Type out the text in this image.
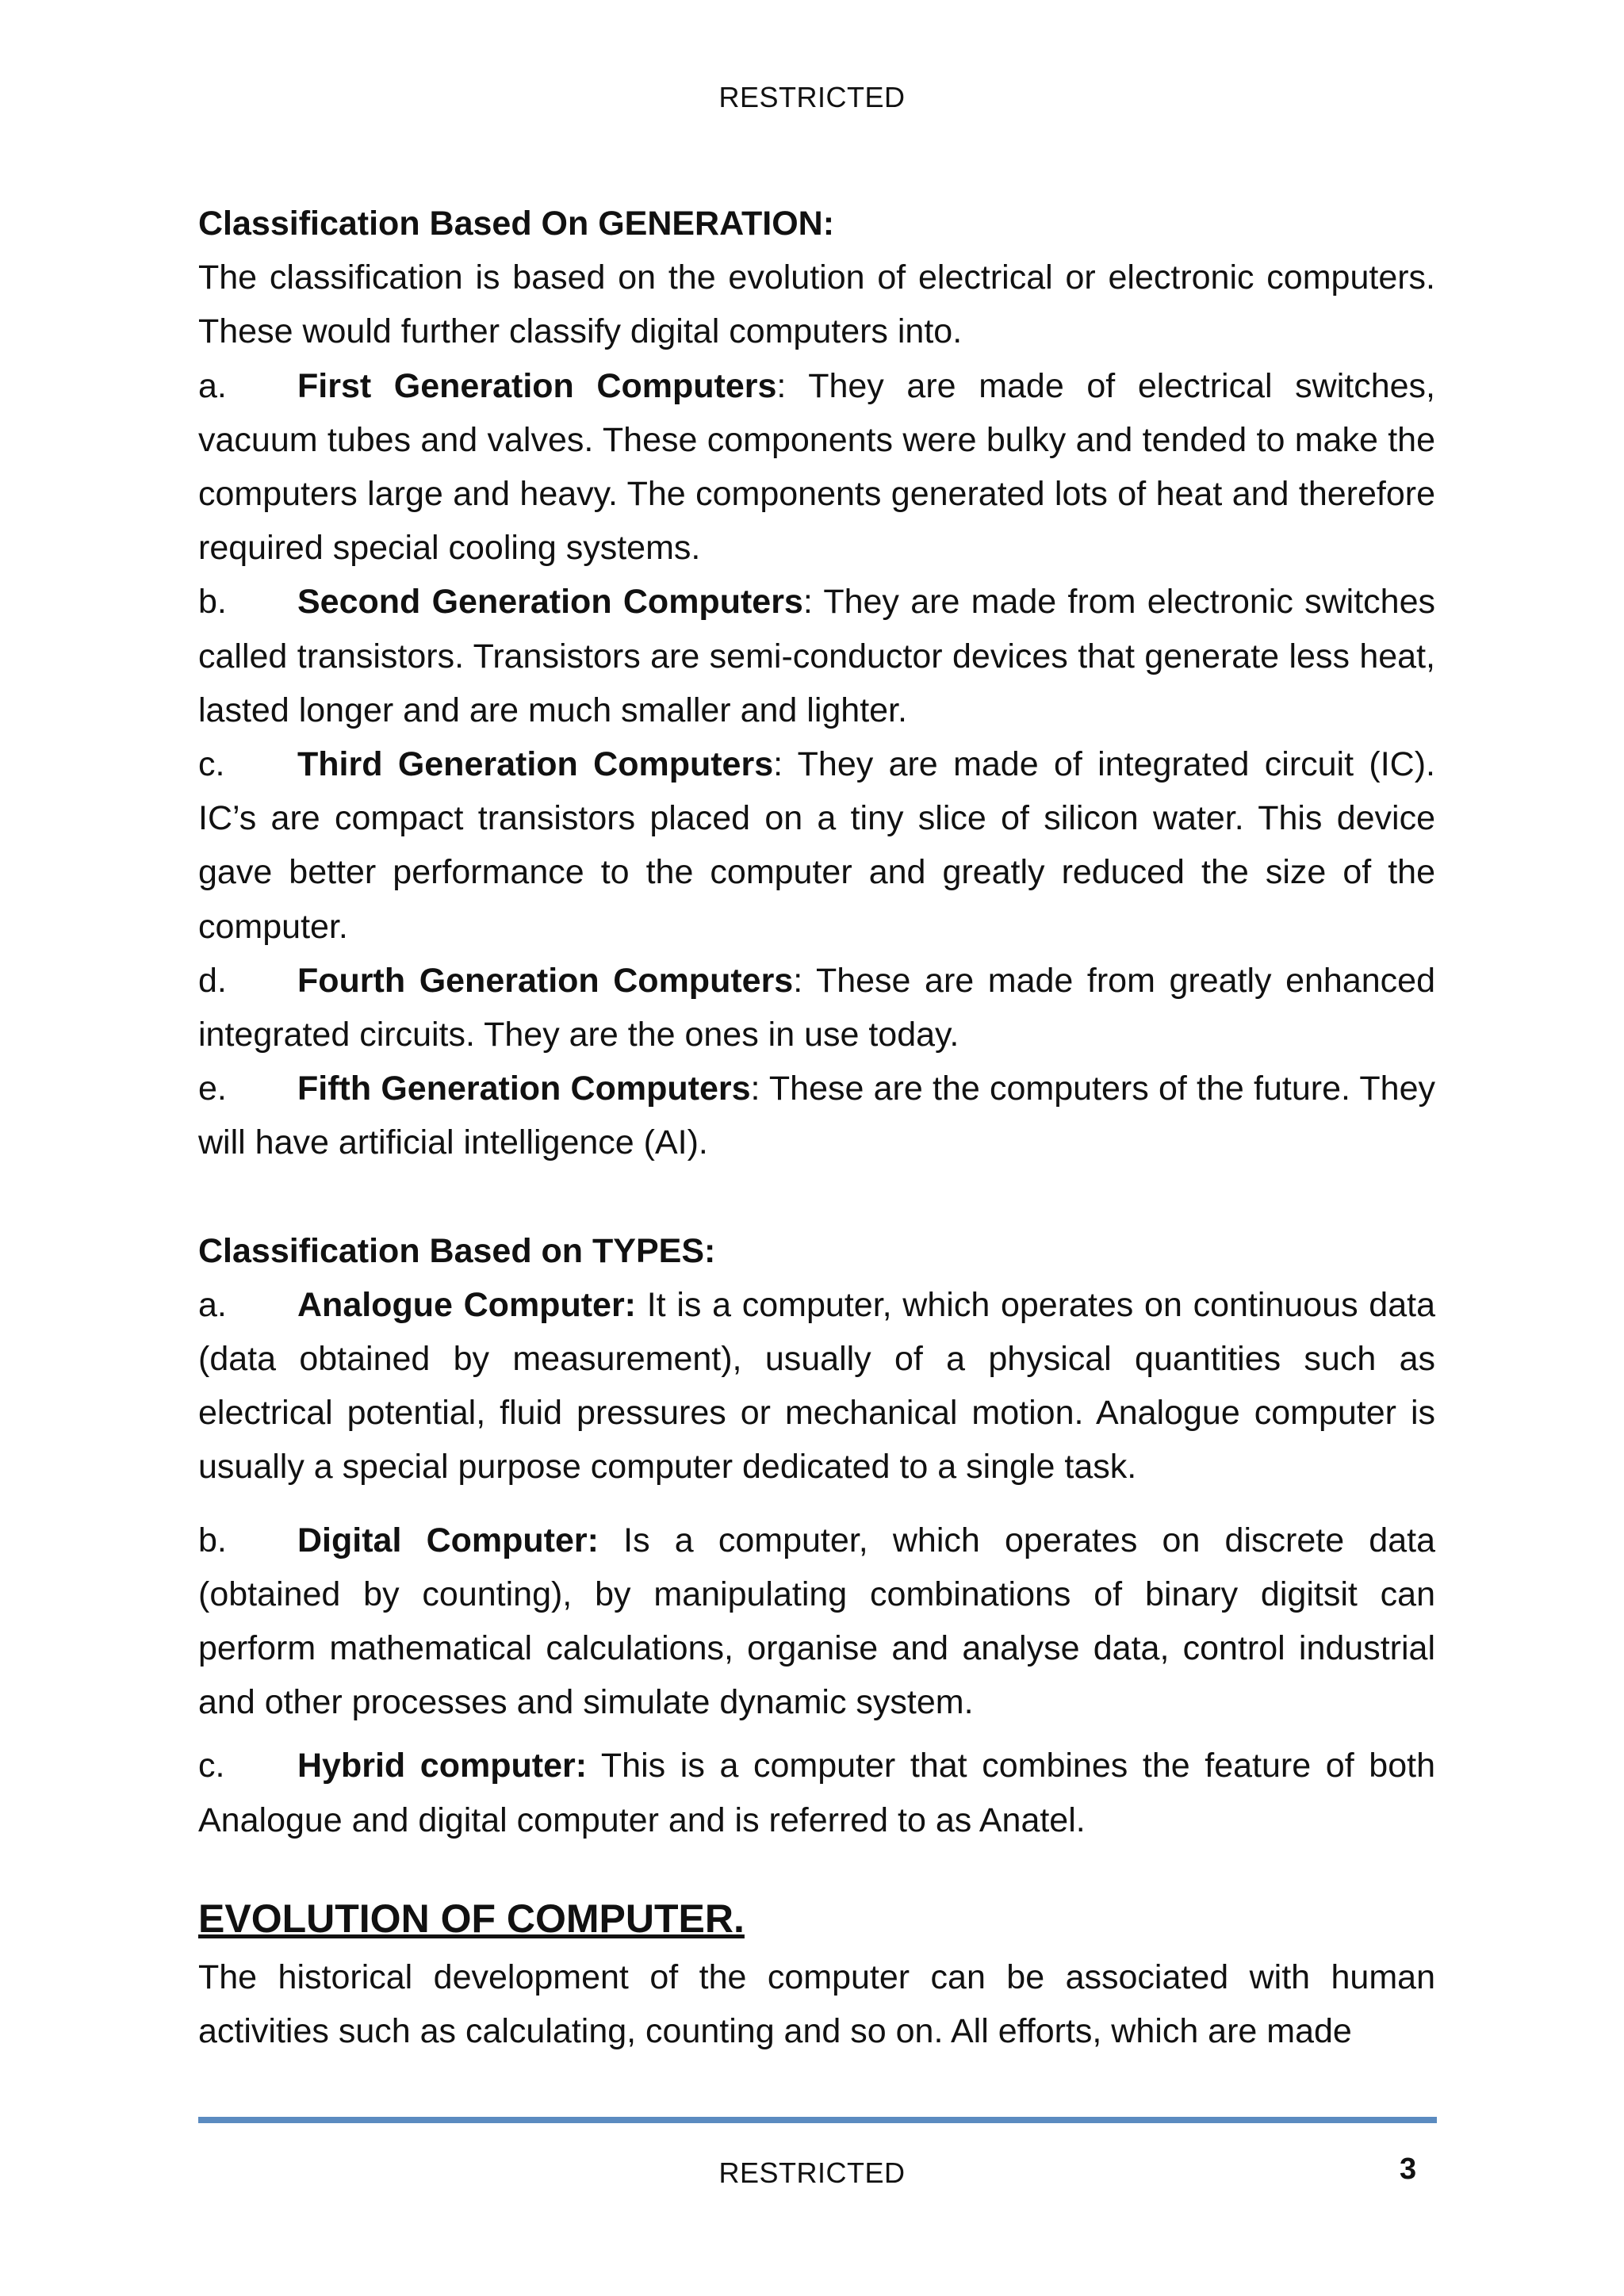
RESTRICTED

Classification Based On GENERATION:

The classification is based on the evolution of electrical or electronic computers. These would further classify digital computers into.

a. First Generation Computers: They are made of electrical switches, vacuum tubes and valves. These components were bulky and tended to make the computers large and heavy. The components generated lots of heat and therefore required special cooling systems.

b. Second Generation Computers: They are made from electronic switches called transistors. Transistors are semi-conductor devices that generate less heat, lasted longer and are much smaller and lighter.

c. Third Generation Computers: They are made of integrated circuit (IC). IC’s are compact transistors placed on a tiny slice of silicon water. This device gave better performance to the computer and greatly reduced the size of the computer.

d. Fourth Generation Computers: These are made from greatly enhanced integrated circuits. They are the ones in use today.

e. Fifth Generation Computers: These are the computers of the future. They will have artificial intelligence (AI).

Classification Based on TYPES:

a. Analogue Computer: It is a computer, which operates on continuous data (data obtained by measurement), usually of a physical quantities such as electrical potential, fluid pressures or mechanical motion. Analogue computer is usually a special purpose computer dedicated to a single task.

b. Digital Computer: Is a computer, which operates on discrete data (obtained by counting), by manipulating combinations of binary digitsit can perform mathematical calculations, organise and analyse data, control industrial and other processes and simulate dynamic system.

c. Hybrid computer: This is a computer that combines the feature of both Analogue and digital computer and is referred to as Anatel.

EVOLUTION OF COMPUTER.

The historical development of the computer can be associated with human activities such as calculating, counting and so on. All efforts, which are made

RESTRICTED	3
